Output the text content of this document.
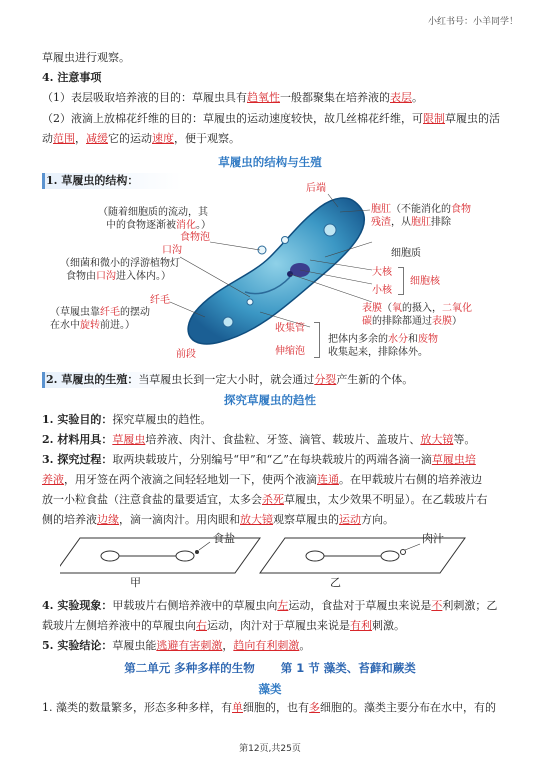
小红书号：小羊同学！
草履虫进行观察。
4. 注意事项
（1）表层吸取培养液的目的：草履虫具有趋氧性一般都聚集在培养液的表层。
（2）液滴上放棉花纤维的目的：草履虫的运动速度较快，故几丝棉花纤维，可限制草履虫的活
动范围，减缓它的运动速度，便于观察。
草履虫的结构与生殖
1. 草履虫的结构：
后端
（随着细胞质的流动，其
中的食物逐渐被消化。）
食物泡
口沟
（细菌和微小的浮游植物灯
食物由口沟进入体内。）
纤毛
（草履虫靠纤毛的摆动
在水中旋转前进。）
前段
胞肛（不能消化的食物
残渣，从胞肛排除
细胞质
大核
小核
细胞核
表膜（氧的摄入，二氧化
碳的排除都通过表膜）
收集管
伸缩泡
把体内多余的水分和废物
收集起来，排除体外。
2. 草履虫的生殖：当草履虫长到一定大小时，就会通过分裂产生新的个体。
探究草履虫的趋性
1. 实验目的：探究草履虫的趋性。
2. 材料用具：草履虫培养液、肉汁、食盐粒、牙签、滴管、载玻片、盖玻片、放大镜等。
3. 探究过程：取两块载玻片，分别编号“甲”和“乙”在每块载玻片的两端各滴一滴草履虫培
养液，用牙签在两个液滴之间轻轻地划一下，使两个液滴连通。在甲载玻片右侧的培养液边
放一小粒食盐（注意食盐的量要适宜，太多会杀死草履虫，太少效果不明显）。在乙载玻片右
侧的培养液边缘，滴一滴肉汁。用肉眼和放大镜观察草履虫的运动方向。
食盐	肉汁
甲	乙
4. 实验现象：甲载玻片右侧培养液中的草履虫向左运动，食盐对于草履虫来说是不利刺激；乙
载玻片左侧培养液中的草履虫向右运动，肉汁对于草履虫来说是有利刺激。
5. 实验结论：草履虫能逃避有害刺激，趋向有利刺激。
第二单元 多种多样的生物 第 1 节 藻类、苔藓和蕨类
藻类
1. 藻类的数量繁多，形态多种多样，有单细胞的，也有多细胞的。藻类主要分布在水中，有的
第12页,共25页
